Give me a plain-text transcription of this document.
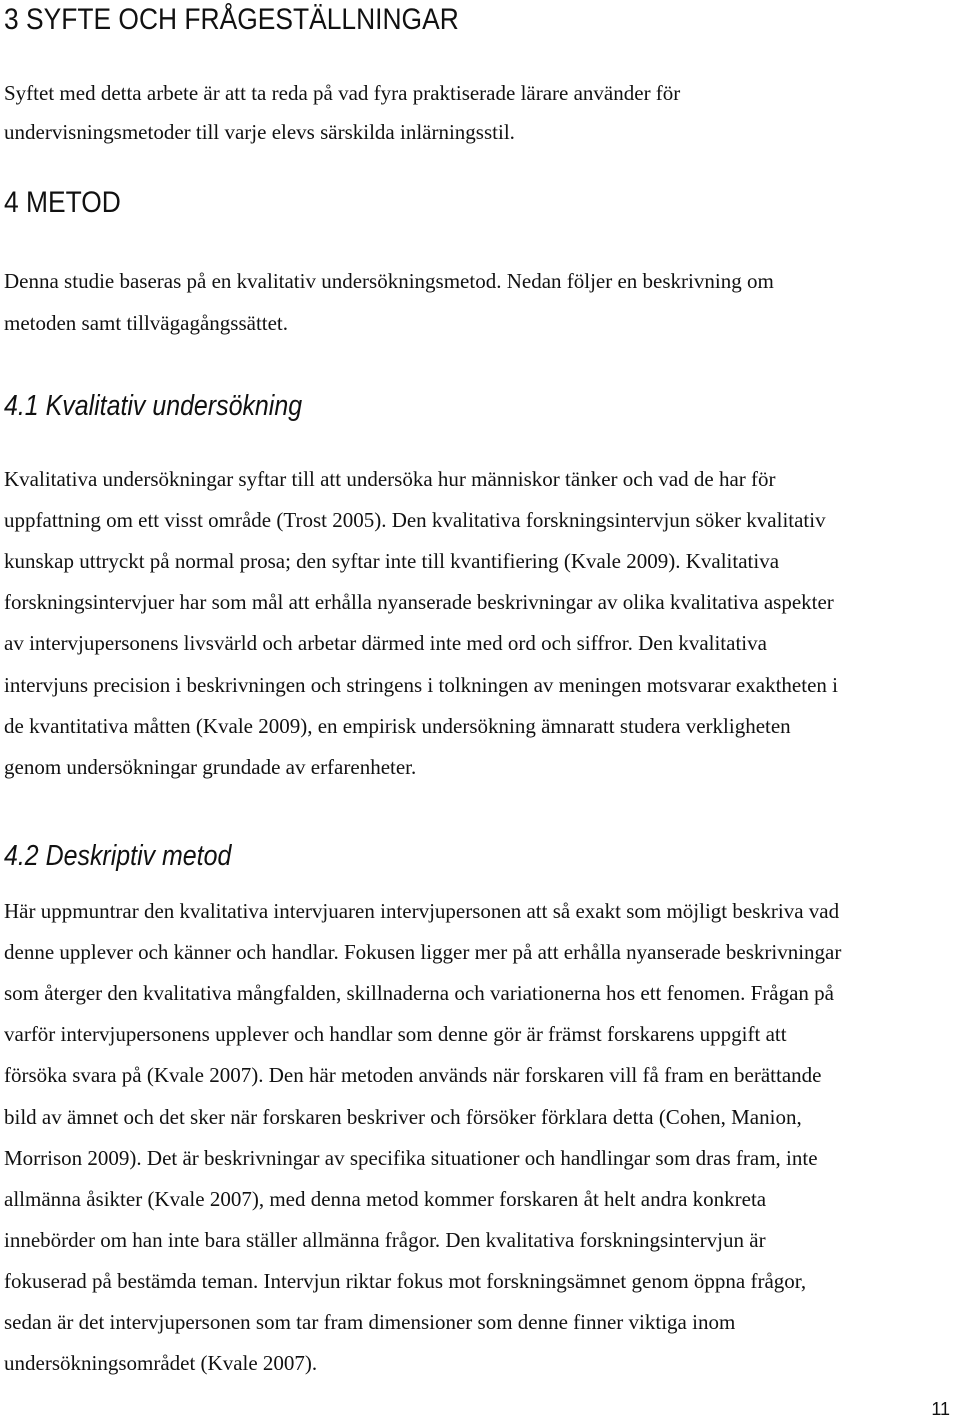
3 SYFTE OCH FRÅGESTÄLLNINGAR

Syftet med detta arbete är att ta reda på vad fyra praktiserade lärare använder för

undervisningsmetoder till varje elevs särskilda inlärningsstil.

4 METOD

Denna studie baseras på en kvalitativ undersökningsmetod. Nedan följer en beskrivning om

metoden samt tillvägagångssättet.

4.1 Kvalitativ undersökning

Kvalitativa undersökningar syftar till att undersöka hur människor tänker och vad de har för

uppfattning om ett visst område (Trost 2005). Den kvalitativa forskningsintervjun söker kvalitativ

kunskap uttryckt på normal prosa; den syftar inte till kvantifiering (Kvale 2009). Kvalitativa

forskningsintervjuer har som mål att erhålla nyanserade beskrivningar av olika kvalitativa aspekter

av intervjupersonens livsvärld och arbetar därmed inte med ord och siffror. Den kvalitativa

intervjuns precision i beskrivningen och stringens i tolkningen av meningen motsvarar exaktheten i

de kvantitativa måtten (Kvale 2009), en empirisk undersökning ämnaratt studera verkligheten

genom undersökningar grundade av erfarenheter.

4.2 Deskriptiv metod

Här uppmuntrar den kvalitativa intervjuaren intervjupersonen att så exakt som möjligt beskriva vad

denne upplever och känner och handlar. Fokusen ligger mer på att erhålla nyanserade beskrivningar

som återger den kvalitativa mångfalden, skillnaderna och variationerna hos ett fenomen. Frågan på

varför intervjupersonens upplever och handlar som denne gör är främst forskarens uppgift att

försöka svara på (Kvale 2007). Den här metoden används när forskaren vill få fram en berättande

bild av ämnet och det sker när forskaren beskriver och försöker förklara detta (Cohen, Manion,

Morrison 2009). Det är beskrivningar av specifika situationer och handlingar som dras fram, inte

allmänna åsikter (Kvale 2007), med denna metod kommer forskaren åt helt andra konkreta

innebörder om han inte bara ställer allmänna frågor. Den kvalitativa forskningsintervjun är

fokuserad på bestämda teman. Intervjun riktar fokus mot forskningsämnet genom öppna frågor,

sedan är det intervjupersonen som tar fram dimensioner som denne finner viktiga inom

undersökningsområdet (Kvale 2007).

11
